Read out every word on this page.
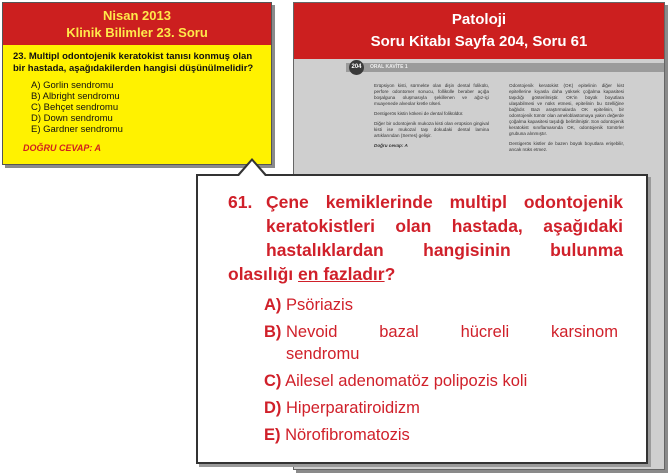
Nisan 2013
Klinik Bilimler 23. Soru
23. Multipl odontojenik keratokist tanısı konmuş olan bir hastada, aşağıdakilerden hangisi düşünülmelidir?
A) Gorlin sendromu
B) Albright sendromu
C) Behçet sendromu
D) Down sendromu
E) Gardner sendromu
DOĞRU CEVAP: A
Patoloji
Soru Kitabı Sayfa 204, Soru 61
204	ORAL KAVİTE 1

Erüpsiyon kisti, sürmekte olan dişin dental folikülü, perfore odontomer sonucu, follikülle beraber açığa boşalguna oluşmasıyla şekillenen ve ağız-içi muayenede alveolar kretle ülseri.

Dentigerös kistin kökeni de dental foliküldür.

Diğer bir odontojenik mukoza kisti olan erüpsion gingival kisti ise mukozal taşı dokudaki dental lamina artıklarından (Serres) gelişir.

Doğru cevap: A

Odontojenik keratokist (OK) epitelinin diğer kist epitellerine kıyasla daha yüksek çoğalma kapasitesi taşıdığı gösterilmiştir. OK'in büyük boyutlara ulaşabilmesi ve nüks etmesi, epitelinin bu özelliğine bağlıdır. Bazı araştırmalarda OK epitelinin, bir odontojenik tümör olan ameloblastomaya yakın değerde çoğalma kapasitesi taşıdığı belirtilmiştir. Son odontojenik keratokist sınıflamasında OK, odontojenik tümörler grubuna alınmıştır.

Dentigerös kistler de bazen büyük boyutlara erişebilir, ancak nüks etmez.

61. Çene kemiklerinde multipl odontojenik
keratokistleri olan hastada, aşağıdaki
hastalıklardan hangisinin bulunma
olasılığı en fazladır?
A) Psöriazis
B) Nevoid	bazal	hücreli	karsinom
sendromu
C) Ailesel adenomatöz polipozis koli
D) Hiperparatiroidizm
E) Nörofibromatozis
